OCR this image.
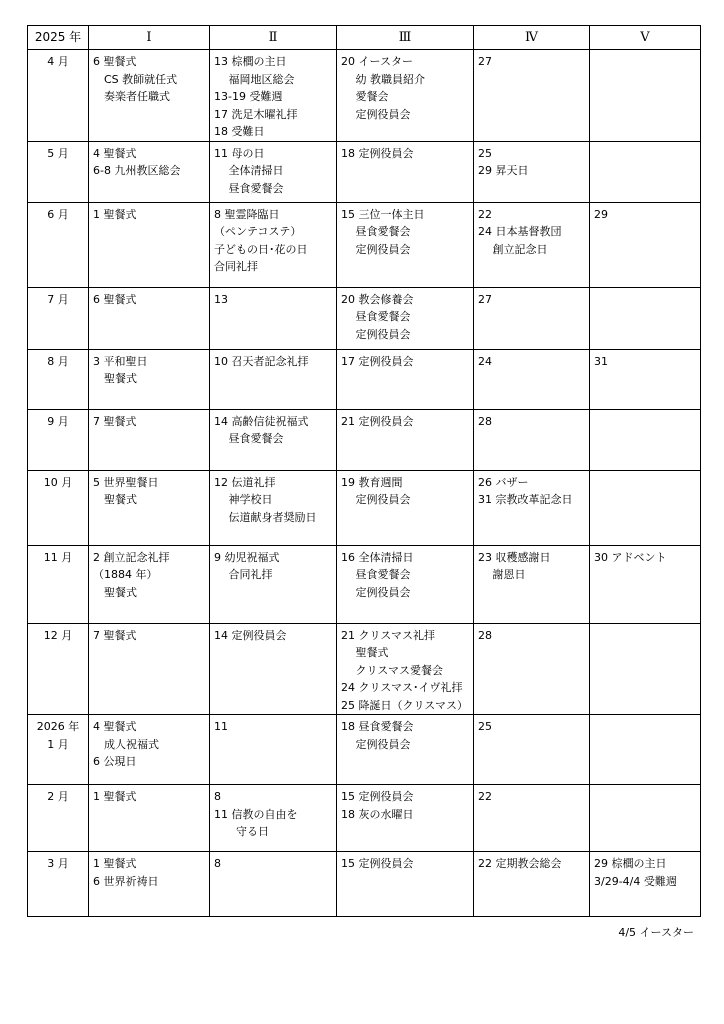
2025 年	Ⅰ	Ⅱ	Ⅲ	Ⅳ	Ⅴ

4 月	6 聖餐式
　CS 教師就任式
　奏楽者任職式	13 棕櫚の主日
　 福岡地区総会
13-19 受難週
17 洗足木曜礼拝
18 受難日	20 イースター
　 幼 教職員紹介
　 愛餐会
　 定例役員会	27	

5 月	4 聖餐式
6-8 九州教区総会	11 母の日
　 全体清掃日
　 昼食愛餐会	18 定例役員会	25
29 昇天日	

6 月	1 聖餐式	8 聖霊降臨日
（ペンテコステ）
子どもの日･花の日
合同礼拝	15 三位一体主日
　 昼食愛餐会
　 定例役員会	22
24 日本基督教団
　 創立記念日	29

7 月	6 聖餐式	13	20 教会修養会
　 昼食愛餐会
　 定例役員会	27	

8 月	3 平和聖日
　聖餐式	10 召天者記念礼拝	17 定例役員会	24	31

9 月	7 聖餐式	14 高齢信徒祝福式
　 昼食愛餐会	21 定例役員会	28	

10 月	5 世界聖餐日
　聖餐式	12 伝道礼拝
　 神学校日
　 伝道献身者奨励日	19 教育週間
　 定例役員会	26 バザー
31 宗教改革記念日	

11 月	2 創立記念礼拝
（1884 年）
　聖餐式	9 幼児祝福式
　 合同礼拝	16 全体清掃日
　 昼食愛餐会
　 定例役員会	23 収穫感謝日
　 謝恩日	30 アドベント

12 月	7 聖餐式	14 定例役員会	21 クリスマス礼拝
　 聖餐式
　 クリスマス愛餐会
24 クリスマス･イヴ礼拝
25 降誕日（クリスマス）	28	

2026 年
1 月	4 聖餐式
　成人祝福式
6 公現日	11	18 昼食愛餐会
　 定例役員会	25	

2 月	1 聖餐式	8
11 信教の自由を
　　守る日	15 定例役員会
18 灰の水曜日	22	

3 月	1 聖餐式
6 世界祈祷日	8	15 定例役員会	22 定期教会総会	29 棕櫚の主日
3/29-4/4 受難週
4/5 イースター
